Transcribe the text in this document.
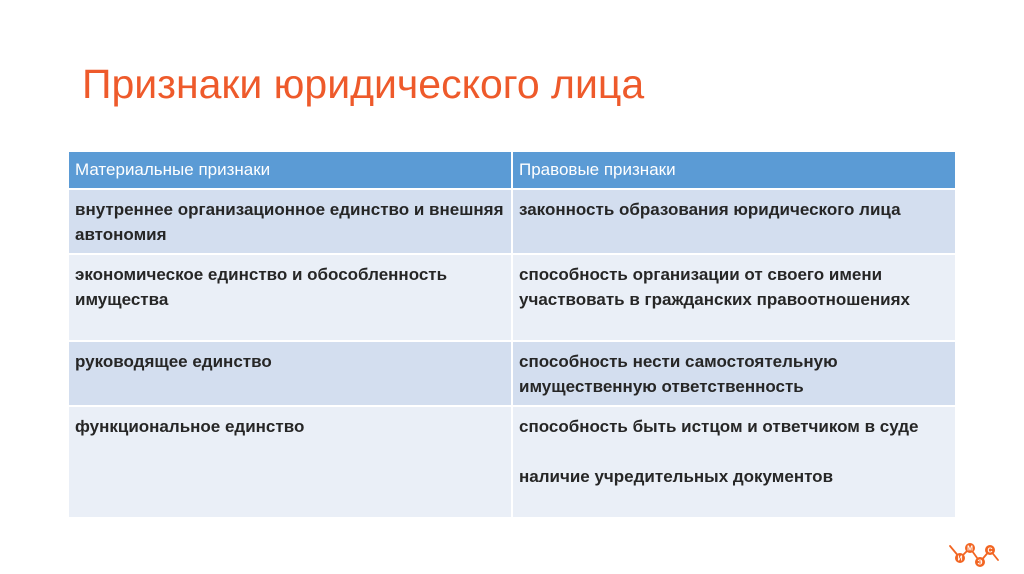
Признаки юридического лица
Материальные признаки	Правовые признаки

внутреннее организационное единство и внешняя автономия	законность образования юридического лица

экономическое единство и обособленность имущества	способность организации от своего имени участвовать в гражданских правоотношениях

руководящее единство	способность нести самостоятельную имущественную ответственность

функциональное единство	способность быть истцом и ответчиком в суде
наличие учредительных документов
И
М
Э
С
